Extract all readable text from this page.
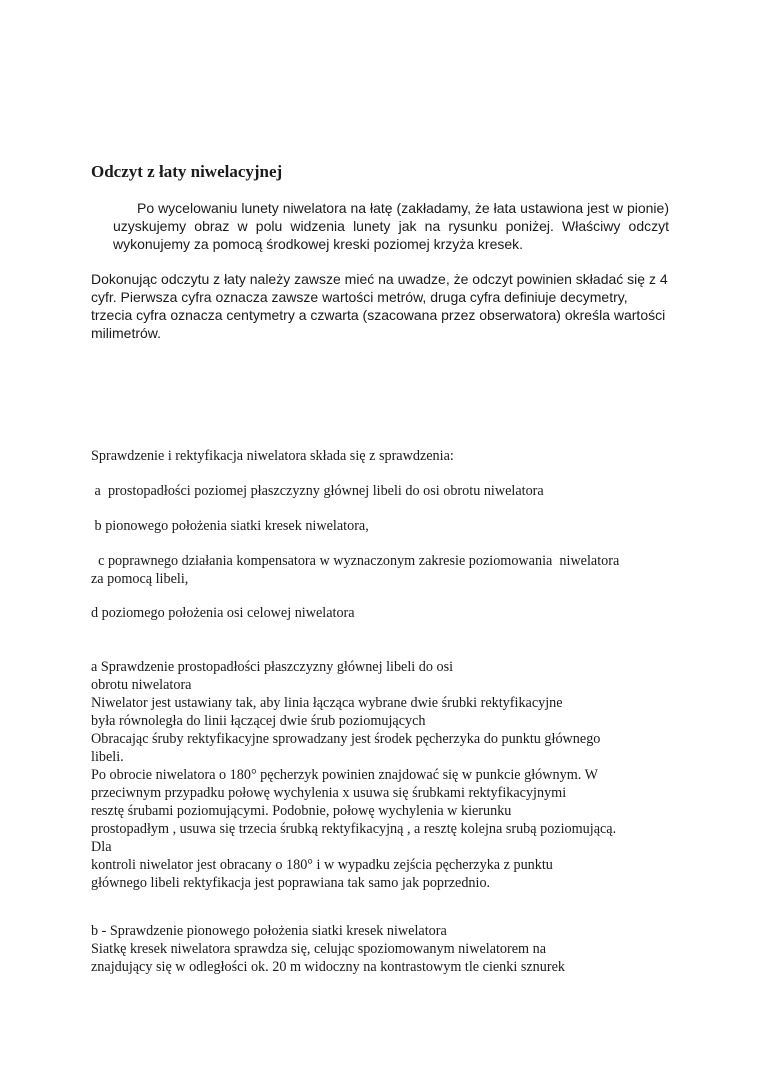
Odczyt z łaty niwelacyjnej

Po wycelowaniu lunety niwelatora na łatę (zakładamy, że łata ustawiona jest w pionie) uzyskujemy obraz w polu widzenia lunety jak na rysunku poniżej. Właściwy odczyt wykonujemy za pomocą środkowej kreski poziomej krzyża kresek.

Dokonując odczytu z łaty należy zawsze mieć na uwadze, że odczyt powinien składać się z 4
cyfr. Pierwsza cyfra oznacza zawsze wartości metrów, druga cyfra definiuje decymetry,
trzecia cyfra oznacza centymetry a czwarta (szacowana przez obserwatora) określa wartości
milimetrów.

Sprawdzenie i rektyfikacja niwelatora składa się z sprawdzenia:

a  prostopadłości poziomej płaszczyzny głównej libeli do osi obrotu niwelatora

b pionowego położenia siatki kresek niwelatora,

c poprawnego działania kompensatora w wyznaczonym zakresie poziomowania  niwelatora
za pomocą libeli,

d poziomego położenia osi celowej niwelatora

a Sprawdzenie prostopadłości płaszczyzny głównej libeli do osi
obrotu niwelatora
Niwelator jest ustawiany tak, aby linia łącząca wybrane dwie śrubki rektyfikacyjne
była równoległa do linii łączącej dwie śrub poziomujących
Obracając śruby rektyfikacyjne sprowadzany jest środek pęcherzyka do punktu głównego
libeli.
Po obrocie niwelatora o 180° pęcherzyk powinien znajdować się w punkcie głównym. W
przeciwnym przypadku połowę wychylenia x usuwa się śrubkami rektyfikacyjnymi
resztę śrubami poziomującymi. Podobnie, połowę wychylenia w kierunku
prostopadłym , usuwa się trzecia śrubką rektyfikacyjną , a resztę kolejna srubą poziomującą.
Dla
kontroli niwelator jest obracany o 180° i w wypadku zejścia pęcherzyka z punktu
głównego libeli rektyfikacja jest poprawiana tak samo jak poprzednio.
b - Sprawdzenie pionowego położenia siatki kresek niwelatora
Siatkę kresek niwelatora sprawdza się, celując spoziomowanym niwelatorem na
znajdujący się w odległości ok. 20 m widoczny na kontrastowym tle cienki sznurek
